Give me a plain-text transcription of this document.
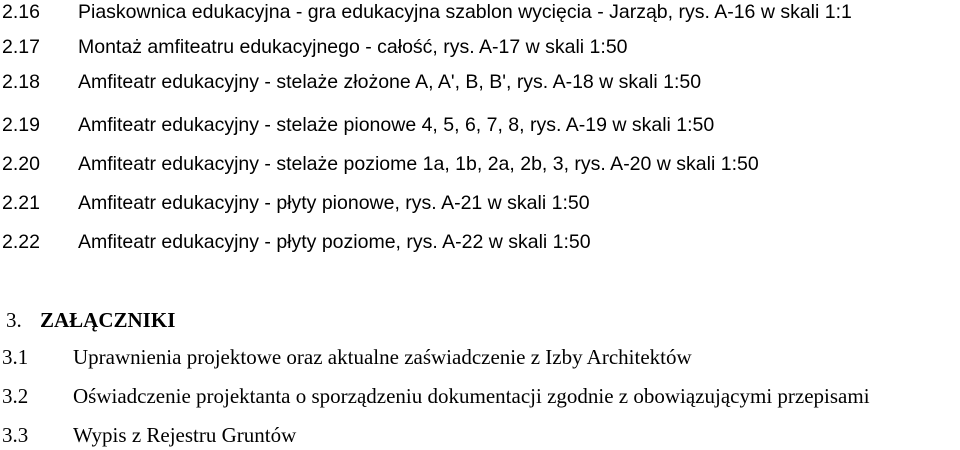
2.16 Piaskownica edukacyjna - gra edukacyjna szablon wycięcia - Jarząb, rys. A-16 w skali 1:1
2.17 Montaż amfiteatru edukacyjnego - całość, rys. A-17 w skali 1:50
2.18 Amfiteatr edukacyjny - stelaże złożone A, A', B, B', rys. A-18 w skali 1:50
2.19 Amfiteatr edukacyjny - stelaże pionowe 4, 5, 6, 7, 8, rys. A-19 w skali 1:50
2.20 Amfiteatr edukacyjny - stelaże poziome 1a, 1b, 2a, 2b, 3, rys. A-20 w skali 1:50
2.21 Amfiteatr edukacyjny - płyty pionowe, rys. A-21 w skali 1:50
2.22 Amfiteatr edukacyjny - płyty poziome, rys. A-22 w skali 1:50
3. ZAŁĄCZNIKI
3.1 Uprawnienia projektowe oraz aktualne zaświadczenie z Izby Architektów
3.2 Oświadczenie projektanta o sporządzeniu dokumentacji zgodnie z obowiązującymi przepisami
3.3 Wypis z Rejestru Gruntów
